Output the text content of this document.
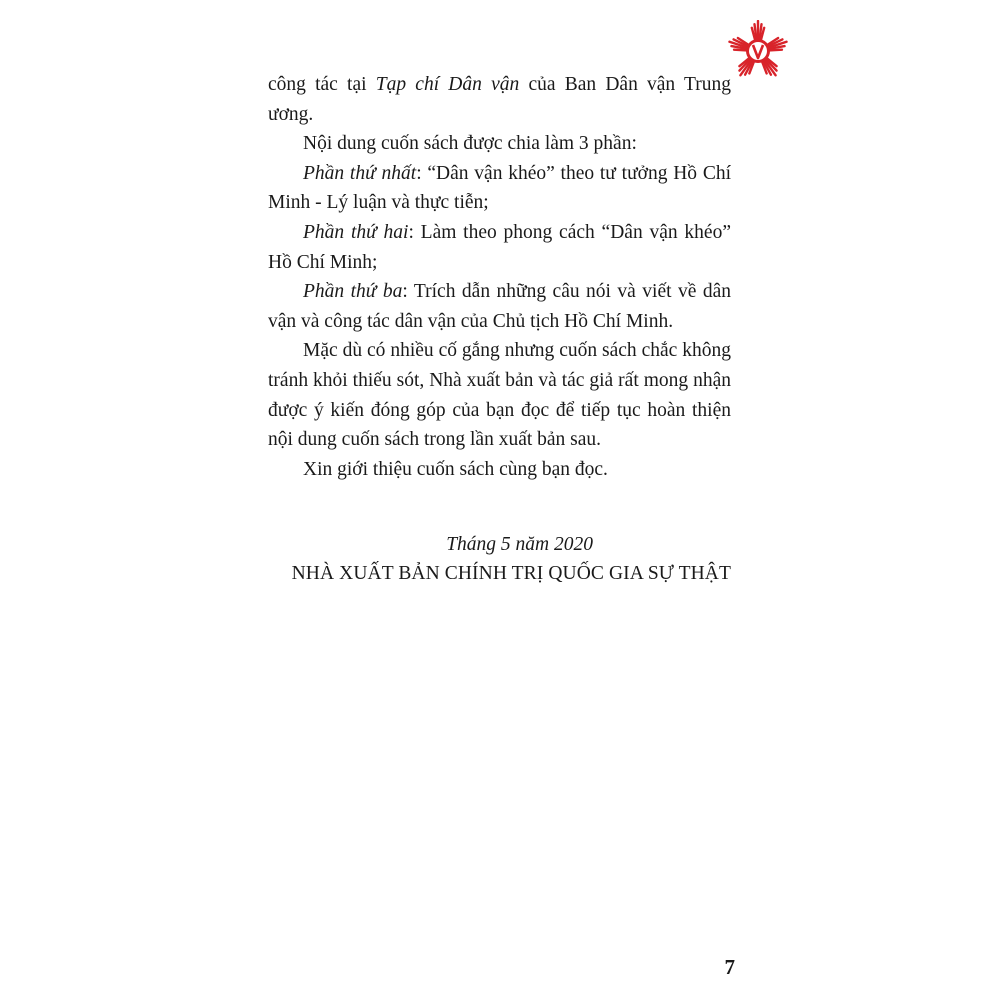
công tác tại Tạp chí Dân vận của Ban Dân vận Trung ương.

Nội dung cuốn sách được chia làm 3 phần:

Phần thứ nhất: “Dân vận khéo” theo tư tưởng Hồ Chí Minh - Lý luận và thực tiễn;

Phần thứ hai: Làm theo phong cách “Dân vận khéo” Hồ Chí Minh;

Phần thứ ba: Trích dẫn những câu nói và viết về dân vận và công tác dân vận của Chủ tịch Hồ Chí Minh.

Mặc dù có nhiều cố gắng nhưng cuốn sách chắc không tránh khỏi thiếu sót, Nhà xuất bản và tác giả rất mong nhận được ý kiến đóng góp của bạn đọc để tiếp tục hoàn thiện nội dung cuốn sách trong lần xuất bản sau.

Xin giới thiệu cuốn sách cùng bạn đọc.

Tháng 5 năm 2020
NHÀ XUẤT BẢN CHÍNH TRỊ QUỐC GIA SỰ THẬT
7
